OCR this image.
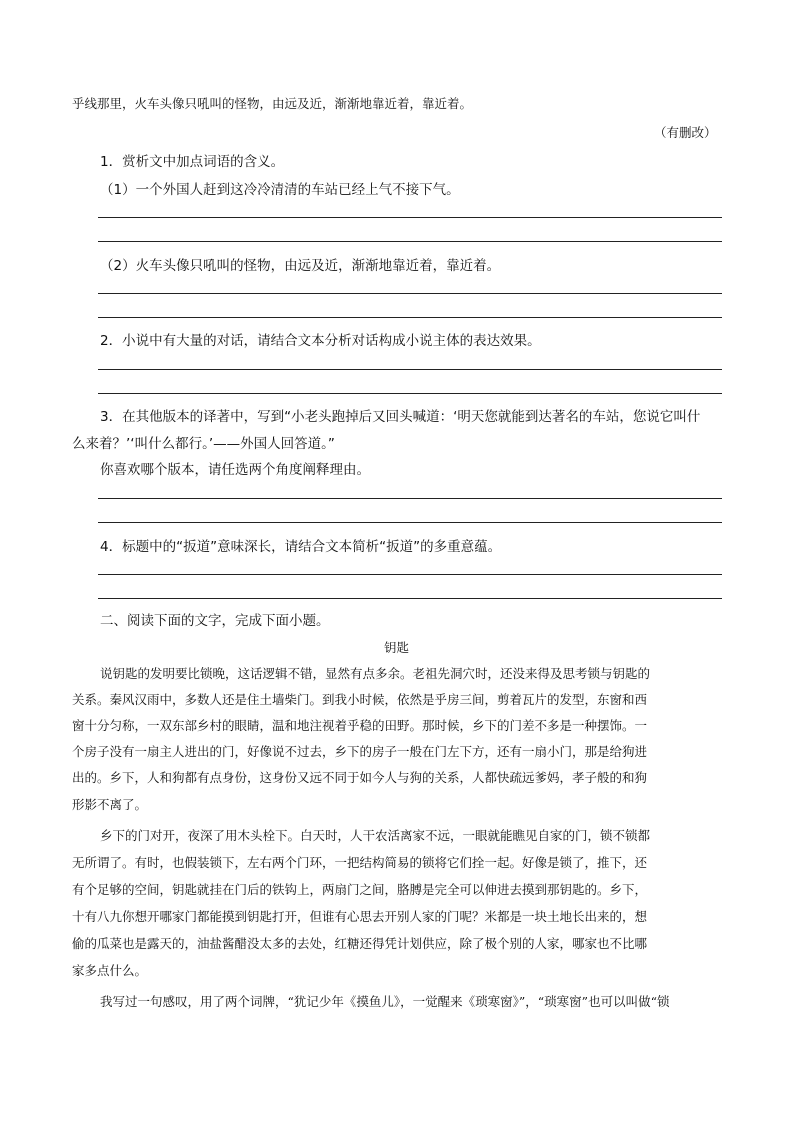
乎线那里，火车头像只吼叫的怪物，由远及近，渐渐地靠近着，靠近着。
（有删改）
1．赏析文中加点词语的含义。
（1）一个外国人赶到这冷冷清清的车站已经上气不接下气。
（2）火车头像只吼叫的怪物，由远及近，渐渐地靠近着，靠近着。
2．小说中有大量的对话，请结合文本分析对话构成小说主体的表达效果。
3．在其他版本的译著中，写到“小老头跑掉后又回头喊道：‘明天您就能到达著名的车站，您说它叫什
么来着？’‘叫什么都行。’——外国人回答道。”
你喜欢哪个版本，请任选两个角度阐释理由。
4．标题中的“扳道”意味深长，请结合文本简析“扳道”的多重意蕴。
二、阅读下面的文字，完成下面小题。
钥匙
说钥匙的发明要比锁晚，这话逻辑不错，显然有点多余。老祖先洞穴时，还没来得及思考锁与钥匙的
关系。秦风汉雨中，多数人还是住土墙柴门。到我小时候，依然是乎房三间，剪着瓦片的发型，东窗和西
窗十分匀称，一双东部乡村的眼睛，温和地注视着乎稳的田野。那时候，乡下的门差不多是一种摆饰。一
个房子没有一扇主人进出的门，好像说不过去，乡下的房子一般在门左下方，还有一扇小门，那是给狗进
出的。乡下，人和狗都有点身份，这身份又远不同于如今人与狗的关系，人都快疏远爹妈，孝子般的和狗
形影不离了。
乡下的门对开，夜深了用木头栓下。白天时，人干农活离家不远，一眼就能瞧见自家的门，锁不锁都
无所谓了。有时，也假装锁下，左右两个门环，一把结构简易的锁将它们拴一起。好像是锁了，推下，还
有个足够的空间，钥匙就挂在门后的铁钩上，两扇门之间，胳膊是完全可以伸进去摸到那钥匙的。乡下，
十有八九你想开哪家门都能摸到钥匙打开，但谁有心思去开别人家的门呢？米都是一块土地长出来的，想
偷的瓜菜也是露天的，油盐酱醋没太多的去处，红糖还得凭计划供应，除了极个别的人家，哪家也不比哪
家多点什么。
我写过一句感叹，用了两个词牌，“犹记少年《摸鱼儿》，一觉醒来《琐寒窗》”，“琐寒窗”也可以叫做“锁
